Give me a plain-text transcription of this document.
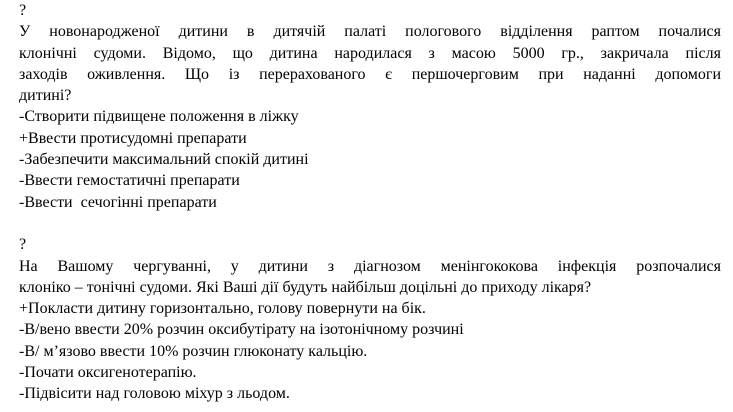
?
У новонародженої дитини в дитячій палаті пологового відділення раптом почалися
клонічні судоми. Відомо, що дитина народилася з масою 5000 гр., закричала після
заходів оживлення. Що із перерахованого є першочерговим при наданні допомоги
дитині?
-Створити підвищене положення в ліжку
+Ввести протисудомні препарати
-Забезпечити максимальний спокій дитині
-Ввести гемостатичні препарати
-Ввести  сечогінні препарати
?
На Вашому чергуванні, у дитини з діагнозом менінгококова інфекція розпочалися
клоніко – тонічні судоми. Які Ваші дії будуть найбільш доцільні до приходу лікаря?
+Покласти дитину горизонтально, голову повернути на бік.
-В/вено ввести 20% розчин оксибутірату на ізотонічному розчині
-В/ м’язово ввести 10% розчин глюконату кальцію.
-Почати оксигенотерапію.
-Підвісити над головою міхур з льодом.
